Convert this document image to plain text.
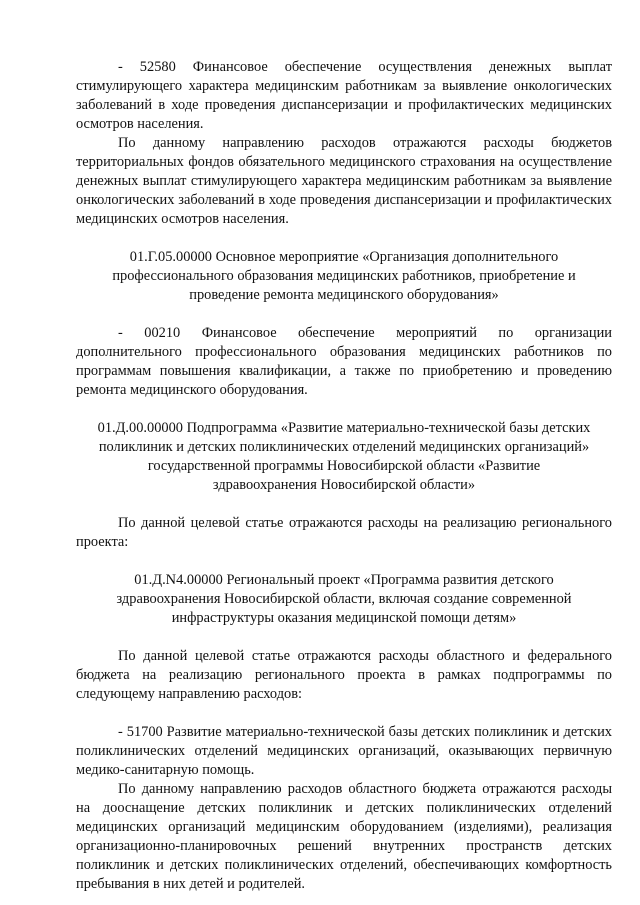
- 52580 Финансовое обеспечение осуществления денежных выплат стимулирующего характера медицинским работникам за выявление онкологических заболеваний в ходе проведения диспансеризации и профилактических медицинских осмотров населения.

По данному направлению расходов отражаются расходы бюджетов территориальных фондов обязательного медицинского страхования на осуществление денежных выплат стимулирующего характера медицинским работникам за выявление онкологических заболеваний в ходе проведения диспансеризации и профилактических медицинских осмотров населения.

01.Г.05.00000 Основное мероприятие «Организация дополнительного профессионального образования медицинских работников, приобретение и проведение ремонта медицинского оборудования»

- 00210 Финансовое обеспечение мероприятий по организации дополнительного профессионального образования медицинских работников по программам повышения квалификации, а также по приобретению и проведению ремонта медицинского оборудования.

01.Д.00.00000 Подпрограмма «Развитие материально-технической базы детских поликлиник и детских поликлинических отделений медицинских организаций» государственной программы Новосибирской области «Развитие здравоохранения Новосибирской области»

По данной целевой статье отражаются расходы на реализацию регионального проекта:

01.Д.N4.00000 Региональный проект «Программа развития детского здравоохранения Новосибирской области, включая создание современной инфраструктуры оказания медицинской помощи детям»

По данной целевой статье отражаются расходы областного и федерального бюджета на реализацию регионального проекта в рамках подпрограммы по следующему направлению расходов:

- 51700 Развитие материально-технической базы детских поликлиник и детских поликлинических отделений медицинских организаций, оказывающих первичную медико-санитарную помощь.

По данному направлению расходов областного бюджета отражаются расходы на дооснащение детских поликлиник и детских поликлинических отделений медицинских организаций медицинским оборудованием (изделиями), реализация организационно-планировочных решений внутренних пространств детских поликлиник и детских поликлинических отделений, обеспечивающих комфортность пребывания в них детей и родителей.
